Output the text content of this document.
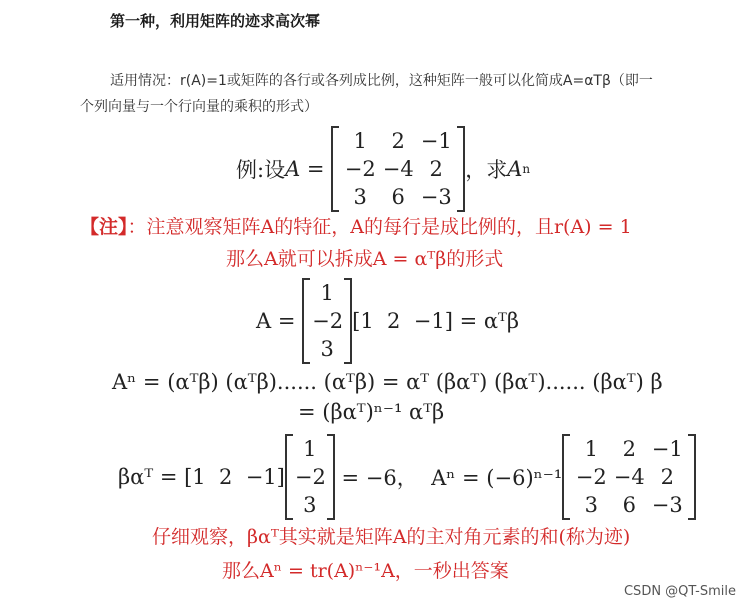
第一种，利用矩阵的迹求高次幂
适用情况：r(A)=1或矩阵的各行或各列成比例，这种矩阵一般可以化简成A=αTβ（即一
个列向量与一个行向量的乘积的形式）
例:设 A =
1	2 −1
−2 −4 2
3	6 −3
，求 A n
【注】：注意观察矩阵A的特征，A的每行是成比例的，且r(A) = 1
那么A就可以拆成A = αᵀβ的形式
A =
1
−2
3
[1  2  −1] = αᵀβ
Aⁿ = (αᵀβ) (αᵀβ)...... (αᵀβ) = αᵀ (βαᵀ) (βαᵀ)...... (βαᵀ) β
= (βαᵀ)ⁿ⁻¹ αᵀβ
βαᵀ = [1  2  −1]
1
−2
3
= −6，  Aⁿ = (−6)ⁿ⁻¹
1	2 −1
−2 −4 2
3	6 −3
仔细观察，βαᵀ其实就是矩阵A的主对角元素的和(称为迹)
那么Aⁿ = tr(A)ⁿ⁻¹A，一秒出答案
CSDN @QT-Smile
